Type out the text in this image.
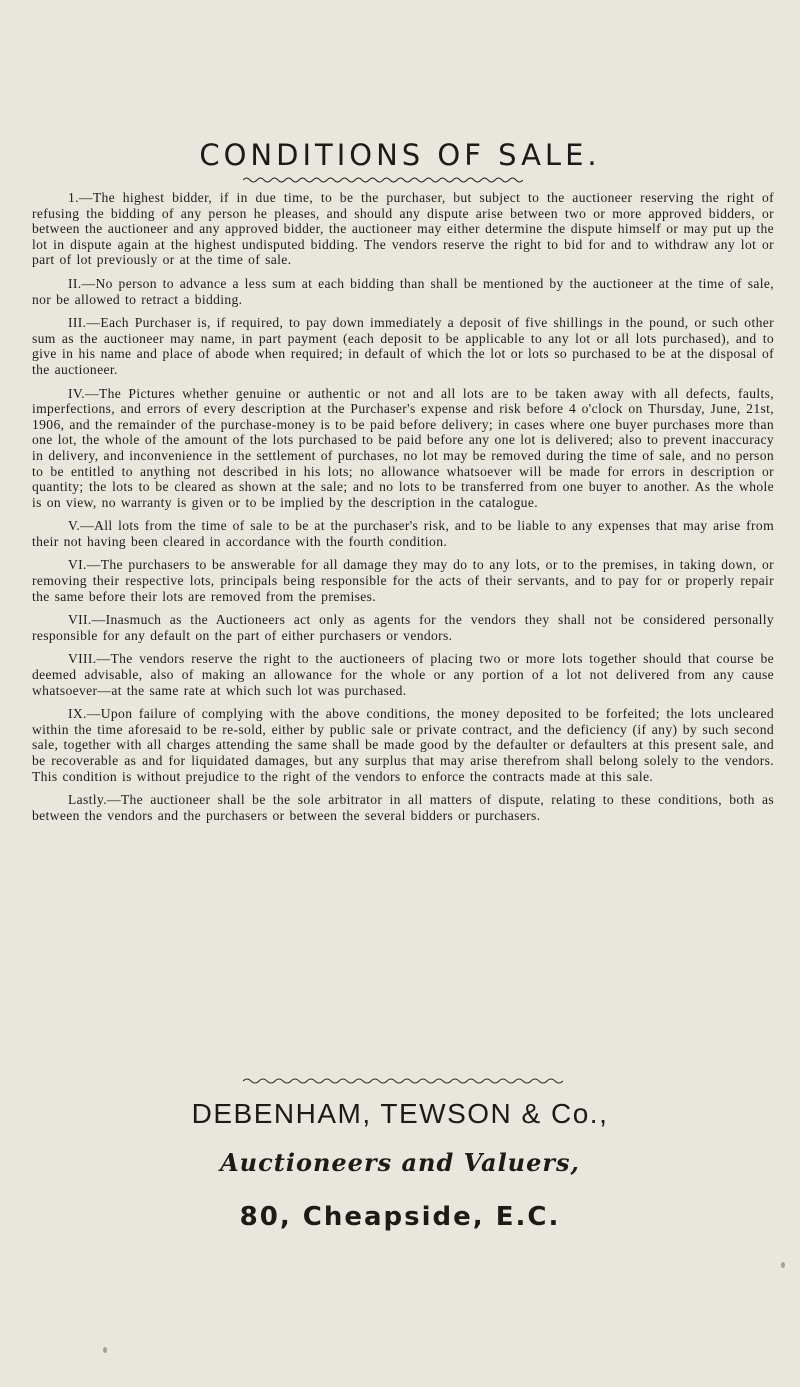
CONDITIONS OF SALE.
1.—The highest bidder, if in due time, to be the purchaser, but subject to the auctioneer reserving the right of refusing the bidding of any person he pleases, and should any dispute arise between two or more approved bidders, or between the auctioneer and any approved bidder, the auctioneer may either determine the dispute himself or may put up the lot in dispute again at the highest undisputed bidding. The vendors reserve the right to bid for and to withdraw any lot or part of lot previously or at the time of sale.
II.—No person to advance a less sum at each bidding than shall be mentioned by the auctioneer at the time of sale, nor be allowed to retract a bidding.
III.—Each Purchaser is, if required, to pay down immediately a deposit of five shillings in the pound, or such other sum as the auctioneer may name, in part payment (each deposit to be applicable to any lot or all lots purchased), and to give in his name and place of abode when required; in default of which the lot or lots so purchased to be at the disposal of the auctioneer.
IV.—The Pictures whether genuine or authentic or not and all lots are to be taken away with all defects, faults, imperfections, and errors of every description at the Purchaser's expense and risk before 4 o'clock on Thursday, June, 21st, 1906, and the remainder of the purchase-money is to be paid before delivery; in cases where one buyer purchases more than one lot, the whole of the amount of the lots purchased to be paid before any one lot is delivered; also to prevent inaccuracy in delivery, and inconvenience in the settlement of purchases, no lot may be removed during the time of sale, and no person to be entitled to anything not described in his lots; no allowance whatsoever will be made for errors in description or quantity; the lots to be cleared as shown at the sale; and no lots to be transferred from one buyer to another. As the whole is on view, no warranty is given or to be implied by the description in the catalogue.
V.—All lots from the time of sale to be at the purchaser's risk, and to be liable to any expenses that may arise from their not having been cleared in accordance with the fourth condition.
VI.—The purchasers to be answerable for all damage they may do to any lots, or to the premises, in taking down, or removing their respective lots, principals being responsible for the acts of their servants, and to pay for or properly repair the same before their lots are removed from the premises.
VII.—Inasmuch as the Auctioneers act only as agents for the vendors they shall not be considered personally responsible for any default on the part of either purchasers or vendors.
VIII.—The vendors reserve the right to the auctioneers of placing two or more lots together should that course be deemed advisable, also of making an allowance for the whole or any portion of a lot not delivered from any cause whatsoever—at the same rate at which such lot was purchased.
IX.—Upon failure of complying with the above conditions, the money deposited to be forfeited; the lots uncleared within the time aforesaid to be re-sold, either by public sale or private contract, and the deficiency (if any) by such second sale, together with all charges attending the same shall be made good by the defaulter or defaulters at this present sale, and be recoverable as and for liquidated damages, but any surplus that may arise therefrom shall belong solely to the vendors. This condition is without prejudice to the right of the vendors to enforce the contracts made at this sale.
Lastly.—The auctioneer shall be the sole arbitrator in all matters of dispute, relating to these conditions, both as between the vendors and the purchasers or between the several bidders or purchasers.
DEBENHAM, TEWSON & Co.,
Auctioneers and Valuers,
80, Cheapside, E.C.
